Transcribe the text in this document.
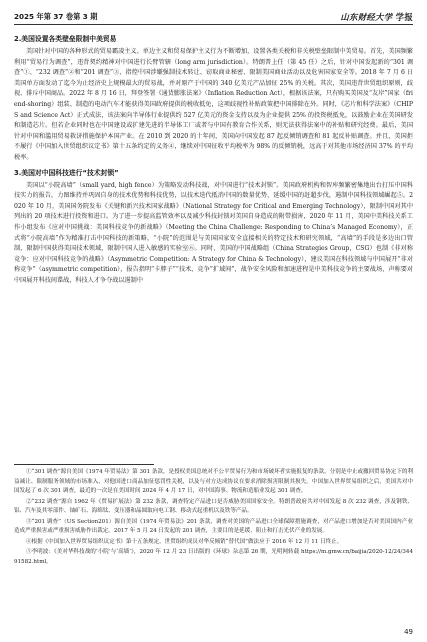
2025 年第 37 卷第 3 期	山东财经大学 学报
2.美国设置各类壁垒限制中美贸易

美国针对中国的各种形式的贸易霸凌主义、单边主义和贸易保护主义行为不断增加，设置各类关税和非关税壁垒限制中美贸易。首先，美国频繁利用“贸易行为调查”，违背契约精神对中国进行长臂管辖（long arm jurisdiction）。特朗普上任（第 45 任）之后，针对中国发起新的“301 调查”①、“232 调查”②和“201 调查”③，指控中国涉嫌强制技术转让、窃取商业秘密、限制美国商业活动以及危害国家安全等。2018 年 7 月 6 日美国单方面发动了迄今为止经济史上规模最大的贸易战，并对原产于中国的 340 亿美元产品加征 25% 的关税。其次，美国违背世贸组织原则，歧视、排斥中国商品。2022 年 8 月 16 日，拜登签署《通货膨胀法案》（Inflation Reduction Act），根据该法案，只有购买美国及“友岸”国家（friend-shoring）组装、制造的电动汽车才能获得美国政府提供的税收抵免，这项歧视性补贴政策把中国排除在外。同时，《芯片和科学法案》（CHIPS and Science Act）正式成法，该法案向半导体行业提供约 527 亿美元的资金支持以及为企业提供 25% 的投资税抵免，以鼓励企业在美国研发和制造芯片。但若企业同时也在中国建设或扩建先进的半导体工厂或者与中国有教育合作关系，则无法获得法案中的补贴和研究经费。最后，美国针对中国和滥用贸易救济措施保护本国产业。在 2010 到 2020 的十年间，美国向中国发起 87 起反倾销调查和 81 起反补贴调查。并且，美国拒不履行《中国加入世贸组织议定书》第十五条约定的义务④，继续对中国征收平均税率为 98% 的反倾销税，远高于对其他市场经济国 37% 的平均税率。

3.美国对中国科技进行“技术封锁”

美国以“小院高墙”（small yard, high fence）为策略发动科技战，对中国进行“技术封锁”。美国政府机构和智库频繁密集地出台打压中国科技实力的报告，力图维持并巩固自身的技术优势和科技优势，以技术迭代抵消中国的数量优势，延缓中国的赶超步伐，遏制中国科技领域崛起⑤。2020 年 10 月，美国国务院发布《关键和新兴技术国家战略》（National Strategy for Critical and Emerging Technology），限制中国对其中列出的 20 项技术进行投资和进口。为了进一步提高监管效率以及减少科技封锁对美国自身造成的附带损害，2020 年 11 月，美国中美科技关系工作小组发布《应对中国挑战：美国科技竞争的新战略》（Meeting the China Challenge: Responding to China’s Managed Economy），正式将“小院高墙”作为精准打击中国科技的新策略，“小院”的范围是与美国国家安全直接相关的特定技术和研究领域，“高墙”的手段是多边出口管制，限制中国获得美国技术领域，限制中国人进入敏感的实验室⑥。同时，美国的中国战略组（China Strategies Group，CSG）也制《非对称竞争：应对中国科技竞争的战略》（Asymmetric Competition: A Strategy for China & Technology），建议美国在科技领域与中国展开“非对称竞争”（asymmetric competition），报告指明“卡脖子”“技术、竞争”扩域间”，战争安全风险和加速进程是中美科技竞争的主要战场，声称要对中国展开科技间谍战、科技人才争夺战以遏制中

①“301 调查”源自美国《1974 年贸易法》第 301 条款，是授权美国总统对不公平贸易行为和市场破坏者实施报复的条款，分别是中止或撤回贸易协定下的利益减让、限制服务领域的市场准入、对他国进口商品加征惩罚性关税，以及与对方达成协议在要求消除损害限制其损失。中国加入世界贸易组织之后，美国共对中国发起了 6 次 301 调查，最近的一次是在美国时间 2024 年 4 月 17 日，对中国海事、物流和造船业发起 301 调查。

②“232 调查”源自 1962 年《贸易扩展法》第 232 条款，调查特定产品进口是否威胁美国国家安全。特朗普政府共对中国发起 8 次 232 调查，涉及钢铁、铝、汽车及其零部件、铀矿石、海绵钛、变压器和晶圆取向电工钢、移动式起重机以及铁等产品。

③“201 调查”（US Section201）源自美国《1974 年贸易法》201 条款，调查对美国的产品进口全球保障措施调查，对产品进口增加是否对美国国内产业造成严重损害或严重损害威胁作出裁定。2017 年 5 月 24 日发起的 201 调查，主要目的是延缓、阻止和打击光伏产业的发展。

④根据《中国加入世界贸易组织议定书》第十五条规定，世贸组织成员对华反倾销“替代国”做法应于 2016 年 12 月 11 日终止。

⑤李明波：《美对华科技战的‘小院’与‘高墙’》，2020 年 12 月 23 日出版的《环球》杂志第 26 期，光明网转载 https://m.gmw.cn/baijia/2020-12/24/34491582.html。

49
